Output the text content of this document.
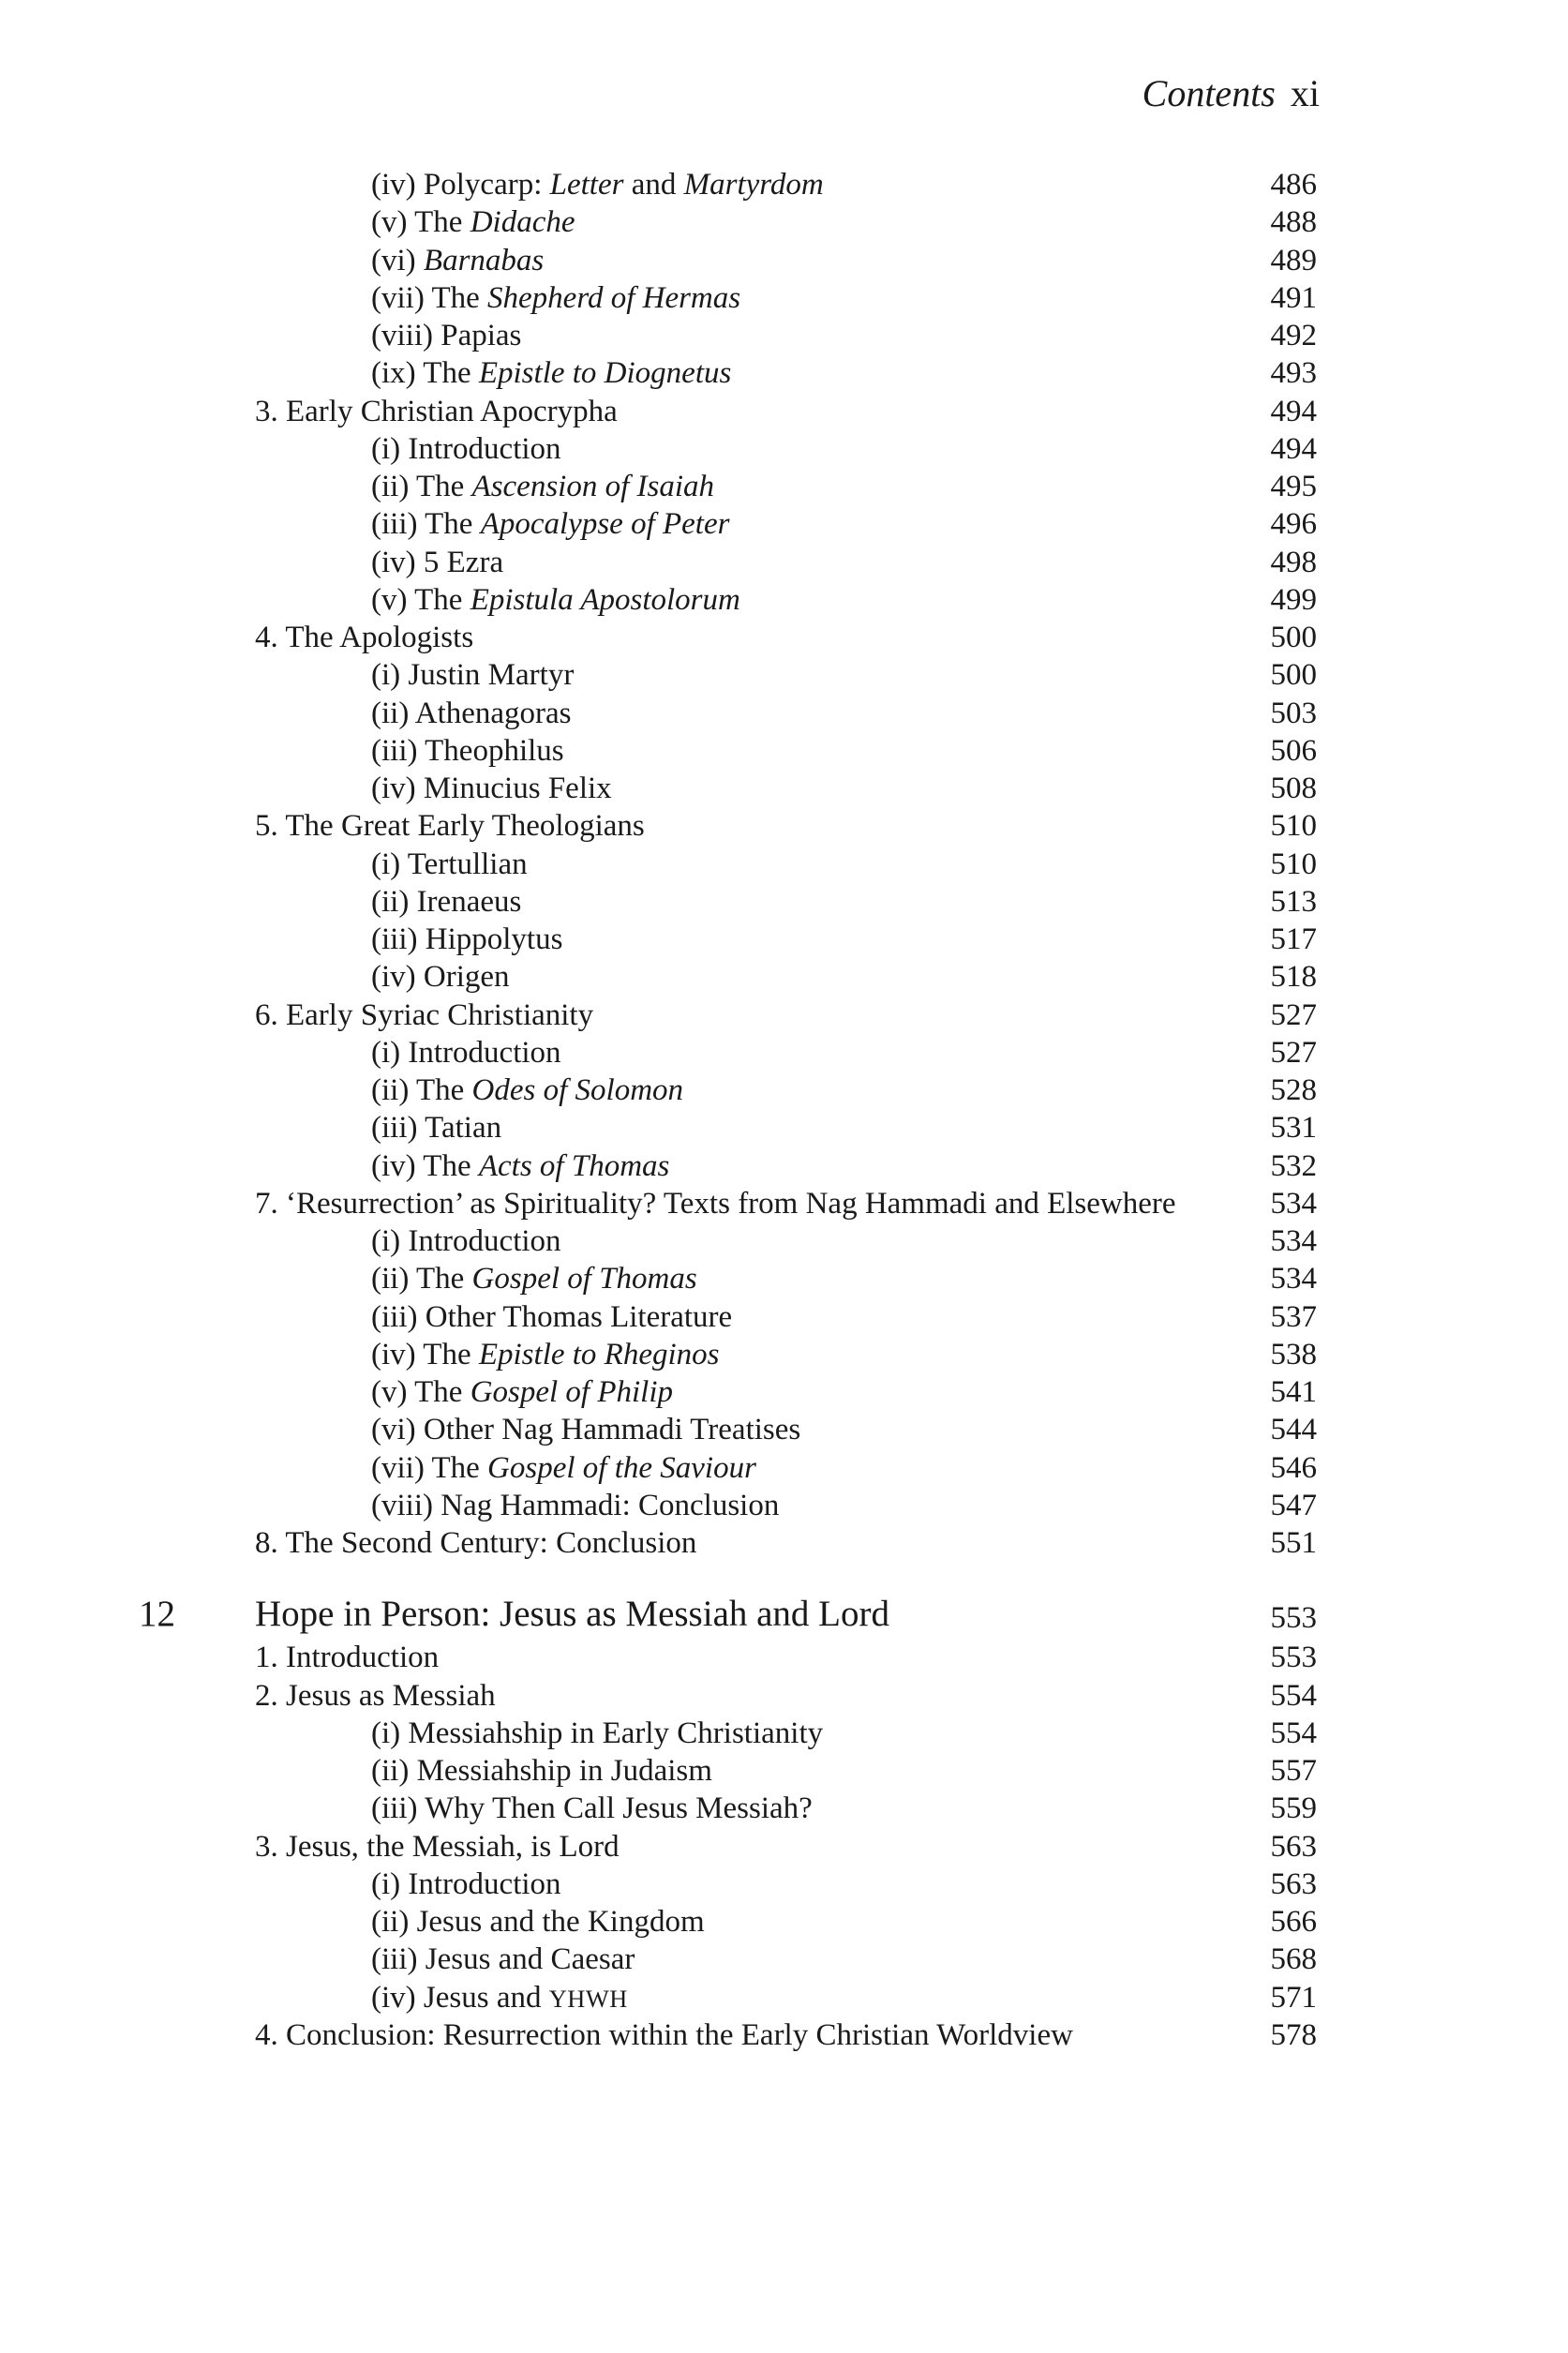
Contents xi
(iv) Polycarp: Letter and Martyrdom	486
(v) The Didache	488
(vi) Barnabas	489
(vii) The Shepherd of Hermas	491
(viii) Papias	492
(ix) The Epistle to Diognetus	493
3. Early Christian Apocrypha	494
(i) Introduction	494
(ii) The Ascension of Isaiah	495
(iii) The Apocalypse of Peter	496
(iv) 5 Ezra	498
(v) The Epistula Apostolorum	499
4. The Apologists	500
(i) Justin Martyr	500
(ii) Athenagoras	503
(iii) Theophilus	506
(iv) Minucius Felix	508
5. The Great Early Theologians	510
(i) Tertullian	510
(ii) Irenaeus	513
(iii) Hippolytus	517
(iv) Origen	518
6. Early Syriac Christianity	527
(i) Introduction	527
(ii) The Odes of Solomon	528
(iii) Tatian	531
(iv) The Acts of Thomas	532
7. ‘Resurrection’ as Spirituality? Texts from Nag Hammadi and Elsewhere	534
(i) Introduction	534
(ii) The Gospel of Thomas	534
(iii) Other Thomas Literature	537
(iv) The Epistle to Rheginos	538
(v) The Gospel of Philip	541
(vi) Other Nag Hammadi Treatises	544
(vii) The Gospel of the Saviour	546
(viii) Nag Hammadi: Conclusion	547
8. The Second Century: Conclusion	551
12 Hope in Person: Jesus as Messiah and Lord	553
1. Introduction	553
2. Jesus as Messiah	554
(i) Messiahship in Early Christianity	554
(ii) Messiahship in Judaism	557
(iii) Why Then Call Jesus Messiah?	559
3. Jesus, the Messiah, is Lord	563
(i) Introduction	563
(ii) Jesus and the Kingdom	566
(iii) Jesus and Caesar	568
(iv) Jesus and YHWH	571
4. Conclusion: Resurrection within the Early Christian Worldview	578
